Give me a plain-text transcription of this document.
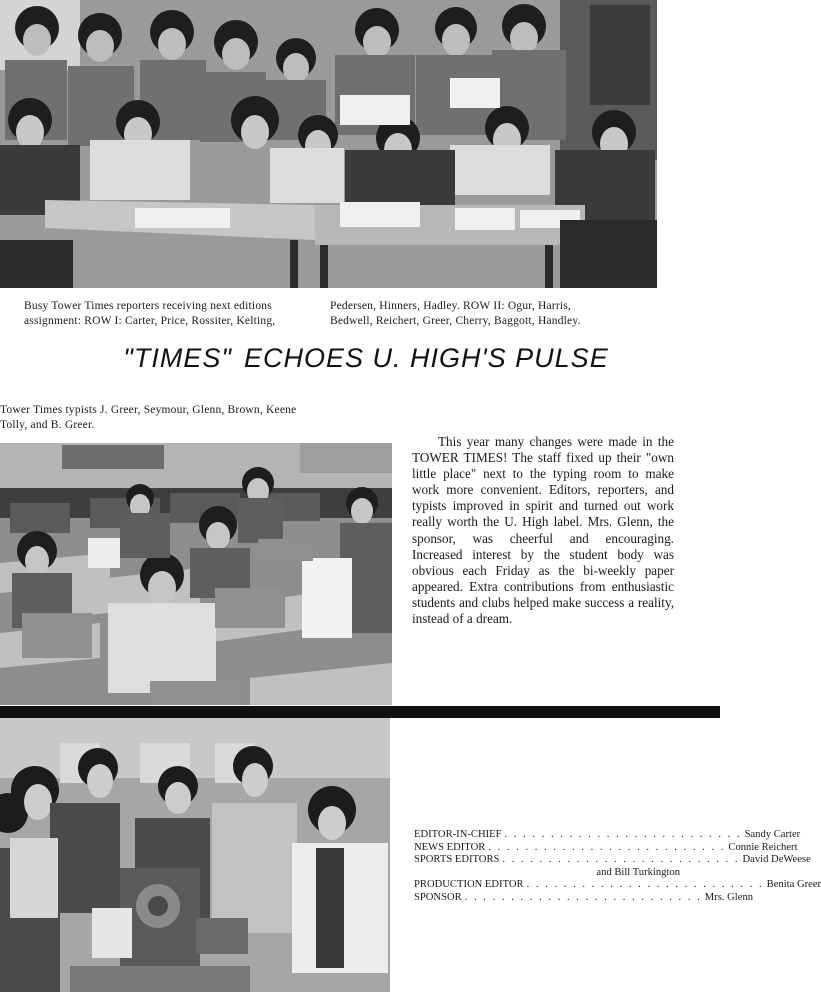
Busy Tower Times reporters receiving next editions
assignment: ROW I: Carter, Price, Rossiter, Kelting,
Pedersen, Hinners, Hadley. ROW II: Ogur, Harris,
Bedwell, Reichert, Greer, Cherry, Baggott, Handley.
"TIMES" ECHOES U. HIGH'S PULSE
Tower Times typists J. Greer, Seymour, Glenn, Brown, Keene
Tolly, and B. Greer.

This year many changes were made in the TOWER TIMES! The staff fixed up their "own little place" next to the typing room to make work more convenient. Editors, reporters, and typists improved in spirit and turned out work really worth the U. High label. Mrs. Glenn, the sponsor, was cheerful and encouraging. Increased interest by the student body was obvious each Friday as the bi-weekly paper appeared. Extra contributions from enthusiastic students and clubs helped make success a reality, instead of a dream.

EDITOR-IN-CHIEF . . . . . . . . . . . . . . . . . . . . . . . . . . Sandy Carter
NEWS EDITOR . . . . . . . . . . . . . . . . . . . . . . . . . . Connie Reichert
SPORTS EDITORS . . . . . . . . . . . . . . . . . . . . . . . . . . David DeWeese
and Bill Turkington
PRODUCTION EDITOR . . . . . . . . . . . . . . . . . . . . . . . . . . Benita Greer
SPONSOR . . . . . . . . . . . . . . . . . . . . . . . . . . Mrs. Glenn
